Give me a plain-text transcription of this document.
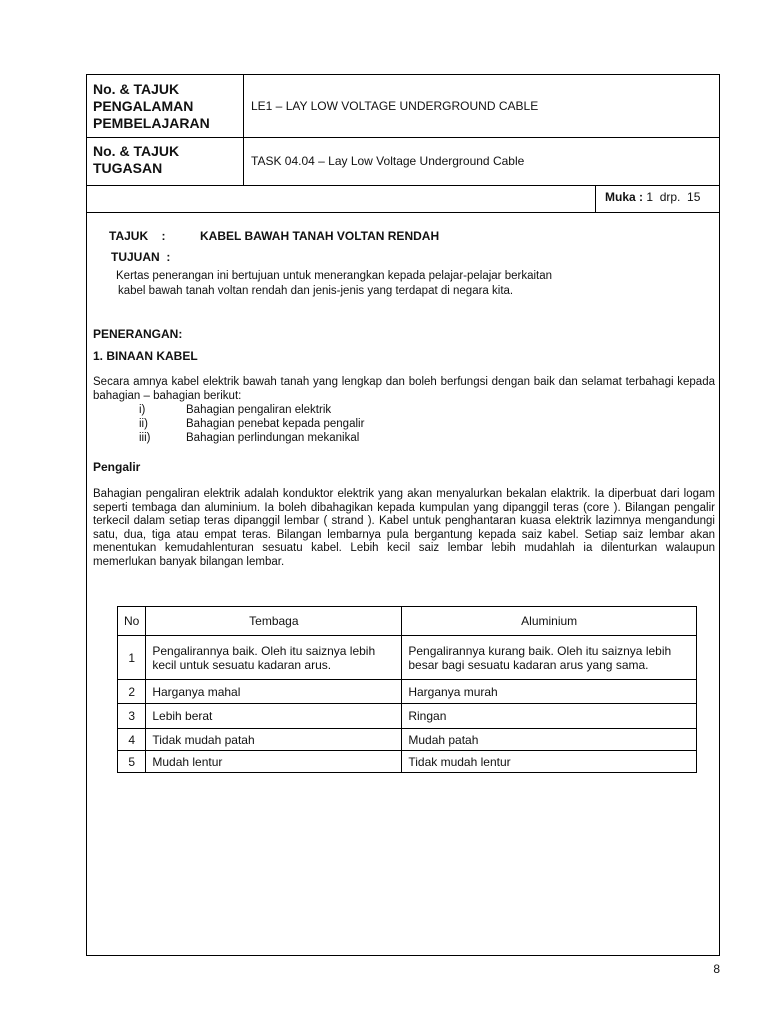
No. & TAJUK
PENGALAMAN
PEMBELAJARAN
LE1 – LAY LOW VOLTAGE UNDERGROUND CABLE
No. & TAJUK
TUGASAN	TASK 04.04 – Lay Low Voltage Underground Cable
Muka : 1  drp.  15
TAJUK    :	KABEL BAWAH TANAH VOLTAN RENDAH
TUJUAN  :
Kertas penerangan ini bertujuan untuk menerangkan kepada pelajar-pelajar berkaitan
kabel bawah tanah voltan rendah dan jenis-jenis yang terdapat di negara kita.
PENERANGAN:
1. BINAAN KABEL
Secara amnya kabel elektrik bawah tanah yang lengkap dan boleh berfungsi dengan baik dan selamat terbahagi kepada bahagian – bahagian berikut:
i)	Bahagian pengaliran elektrik
ii)	Bahagian penebat kepada pengalir
iii)	Bahagian perlindungan mekanikal
Pengalir
Bahagian pengaliran elektrik adalah konduktor elektrik yang akan menyalurkan bekalan elaktrik. Ia diperbuat dari logam seperti tembaga dan aluminium. Ia boleh dibahagikan kepada kumpulan yang dipanggil teras (core ). Bilangan pengalir terkecil dalam setiap teras dipanggil lembar ( strand ). Kabel untuk penghantaran kuasa elektrik lazimnya mengandungi satu, dua, tiga atau empat teras. Bilangan lembarnya pula bergantung kepada saiz kabel. Setiap saiz lembar akan menentukan kemudahlenturan sesuatu kabel. Lebih kecil saiz lembar lebih mudahlah ia dilenturkan walaupun memerlukan banyak bilangan lembar.
No	Tembaga	Aluminium
1	Pengalirannya baik. Oleh itu saiznya lebih kecil untuk sesuatu kadaran arus.	Pengalirannya kurang baik. Oleh itu saiznya lebih besar bagi sesuatu kadaran arus yang sama.
2	Harganya mahal	Harganya murah
3	Lebih berat	Ringan
4	Tidak mudah patah	Mudah patah
5	Mudah lentur	Tidak mudah lentur
8
